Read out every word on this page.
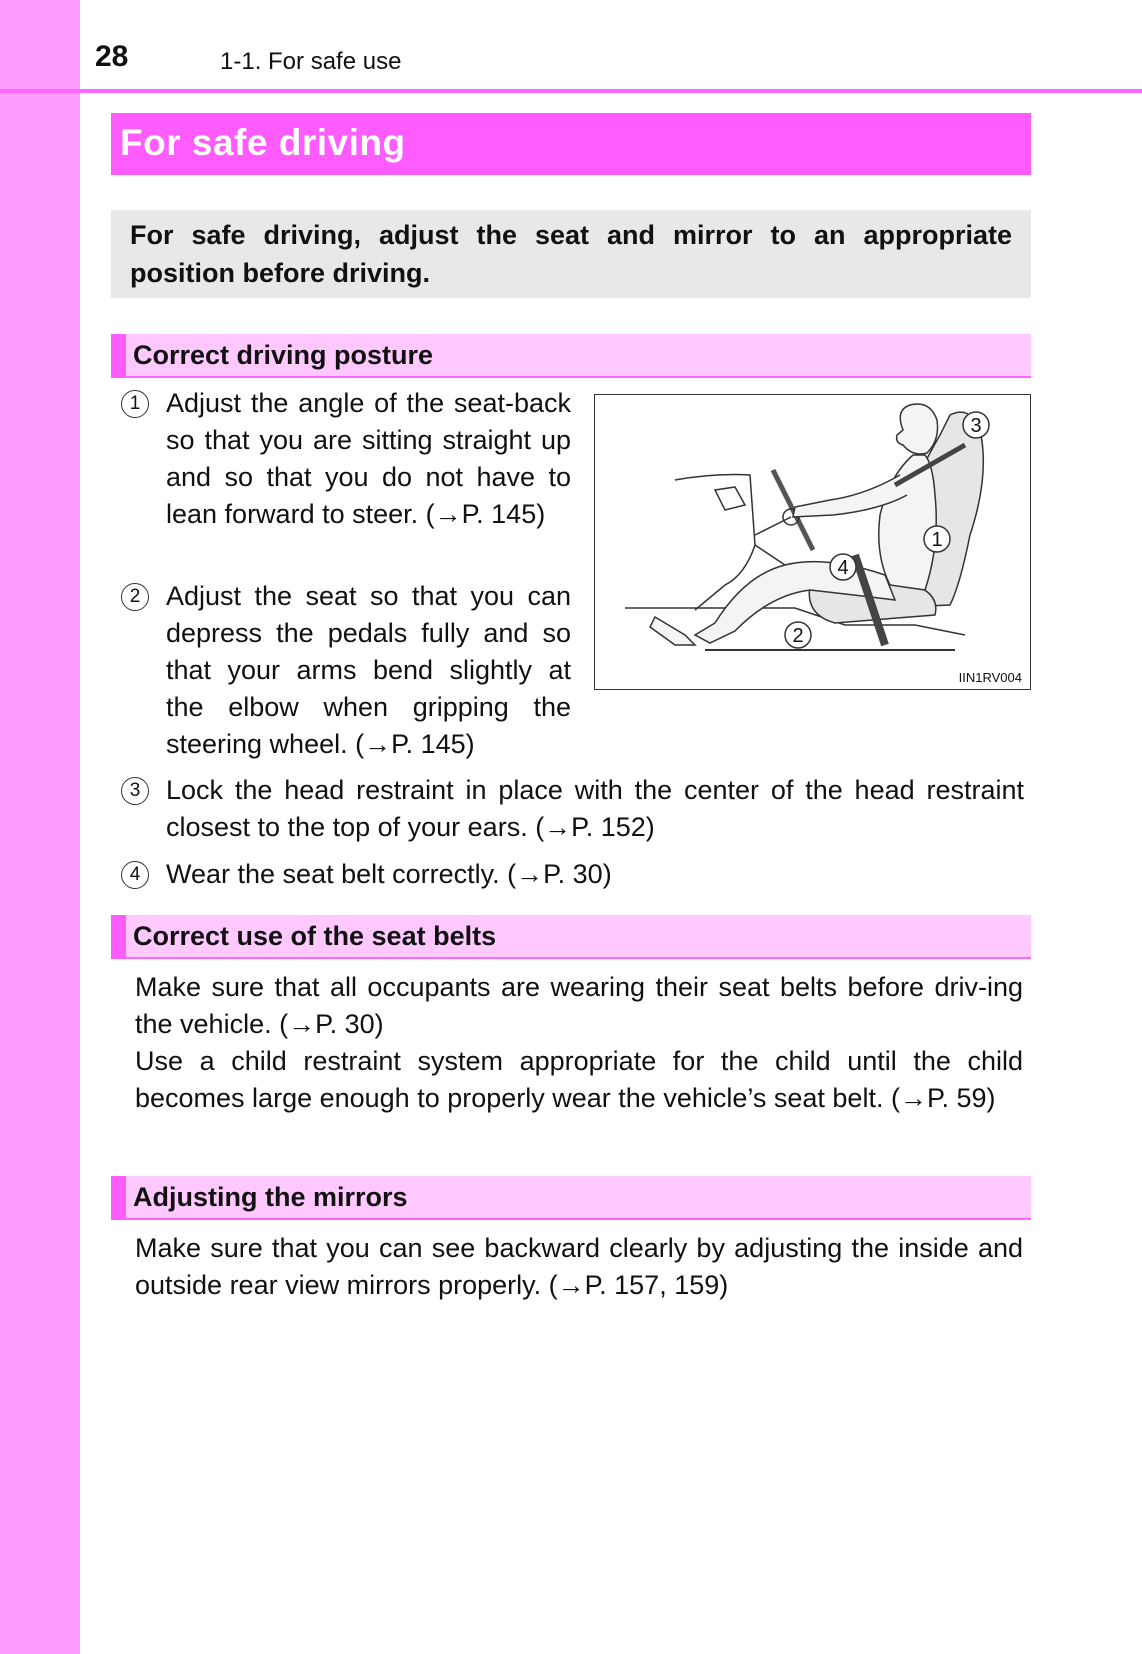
28	1-1. For safe use
For safe driving
For safe driving, adjust the seat and mirror to an appropriate position before driving.
Correct driving posture
1 Adjust the angle of the seat-back so that you are sitting straight up and so that you do not have to lean forward to steer. (→P. 145)
2 Adjust the seat so that you can depress the pedals fully and so that your arms bend slightly at the elbow when gripping the steering wheel. (→P. 145)
3 Lock the head restraint in place with the center of the head restraint closest to the top of your ears. (→P. 152)
4 Wear the seat belt correctly. (→P. 30)
3
1
4
2
IIN1RV004
Correct use of the seat belts
Make sure that all occupants are wearing their seat belts before driv-ing the vehicle. (→P. 30)
Use a child restraint system appropriate for the child until the child becomes large enough to properly wear the vehicle’s seat belt. (→P. 59)
Adjusting the mirrors
Make sure that you can see backward clearly by adjusting the inside and outside rear view mirrors properly. (→P. 157, 159)
